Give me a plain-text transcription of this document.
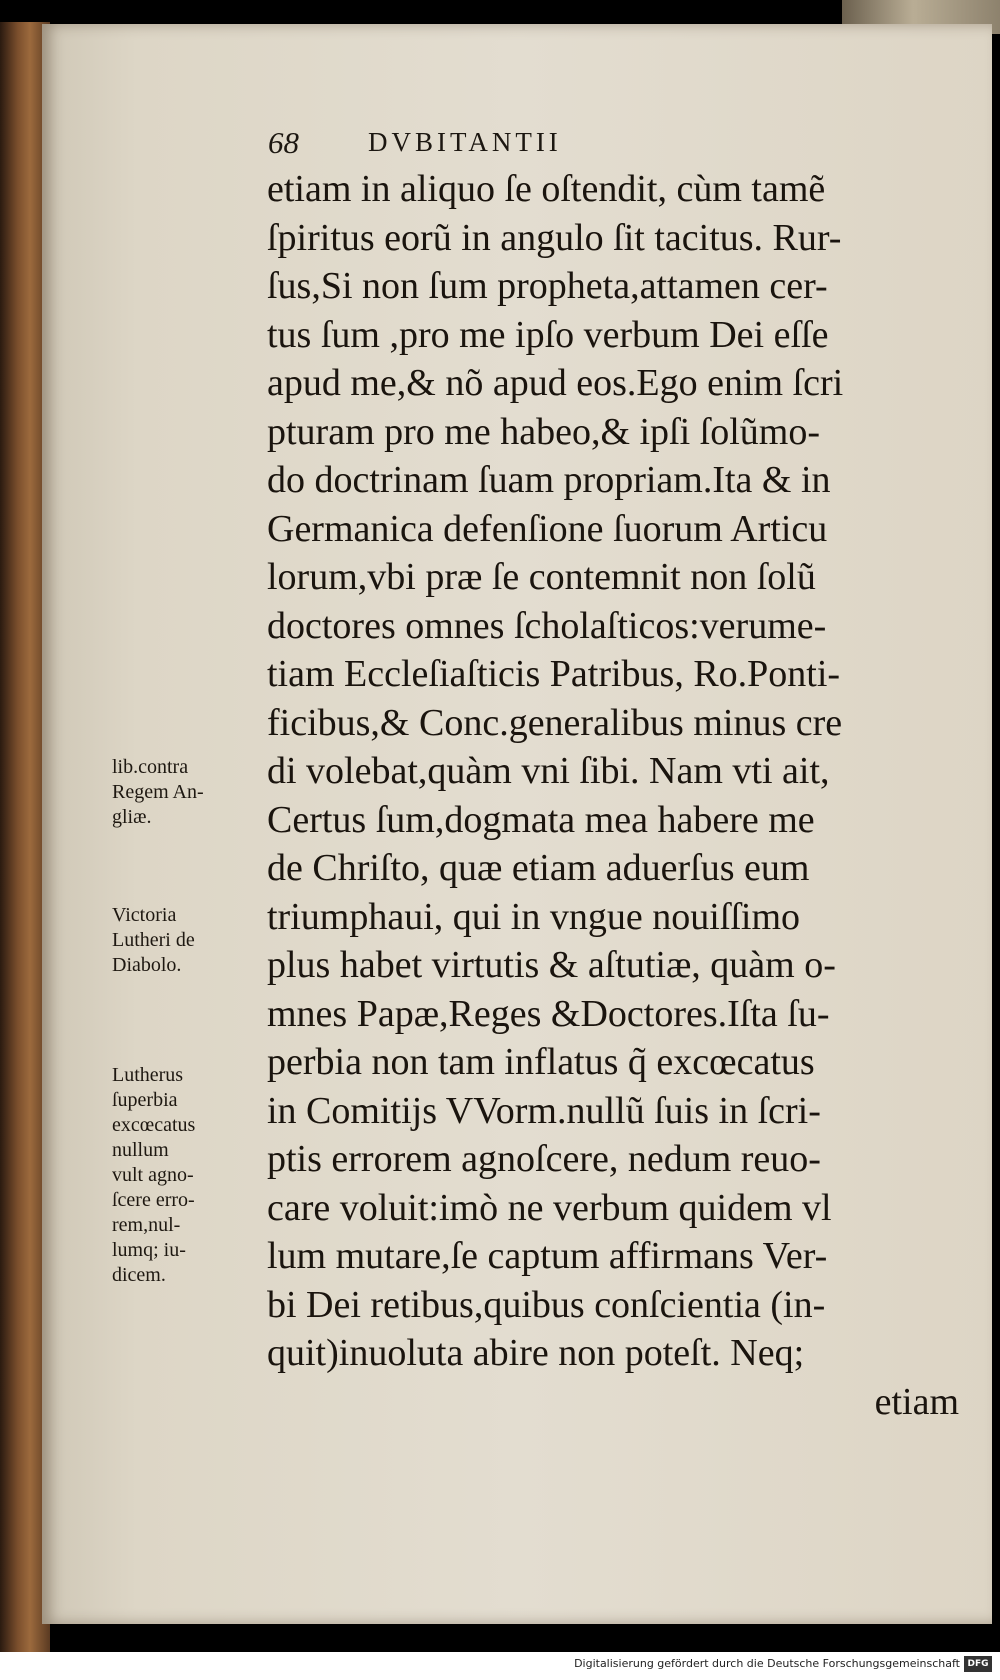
68	DVBITANTII
etiam in aliquo ſe oſtendit, cùm tamẽ
ſpiritus eorũ in angulo ſit tacitus. Rur-
ſus,Si non ſum propheta,attamen cer-
tus ſum ,pro me ipſo verbum Dei eſſe
apud me,& nõ apud eos.Ego enim ſcri
pturam pro me habeo,& ipſi ſolũmo-
do doctrinam ſuam propriam.Ita & in
Germanica defenſione ſuorum Articu
lorum,vbi præ ſe contemnit non ſolũ
doctores omnes ſcholaſticos:verume-
tiam Eccleſiaſticis Patribus, Ro.Ponti-
ficibus,& Conc.generalibus minus cre
di volebat,quàm vni ſibi. Nam vti ait,
Certus ſum,dogmata mea habere me
de Chriſto, quæ etiam aduerſus eum
triumphaui, qui in vngue nouiſſimo
plus habet virtutis & aſtutiæ, quàm o-
mnes Papæ,Reges &Doctores.Iſta ſu-
perbia non tam inflatus q̃ excœcatus
in Comitijs VVorm.nullũ ſuis in ſcri-
ptis errorem agnoſcere, nedum reuo-
care voluit:imò ne verbum quidem vl
lum mutare,ſe captum affirmans Ver-
bi Dei retibus,quibus conſcientia (in-
quit)inuoluta abire non poteſt. Neq;
etiam
lib.contra
Regem An-
gliæ.
Victoria
Lutheri de
Diabolo.
Lutherus
ſuperbia
excœcatus
nullum
vult agno-
ſcere erro-
rem,nul-
lumq; iu-
dicem.
Digitalisierung gefördert durch die Deutsche Forschungsgemeinschaft DFG
